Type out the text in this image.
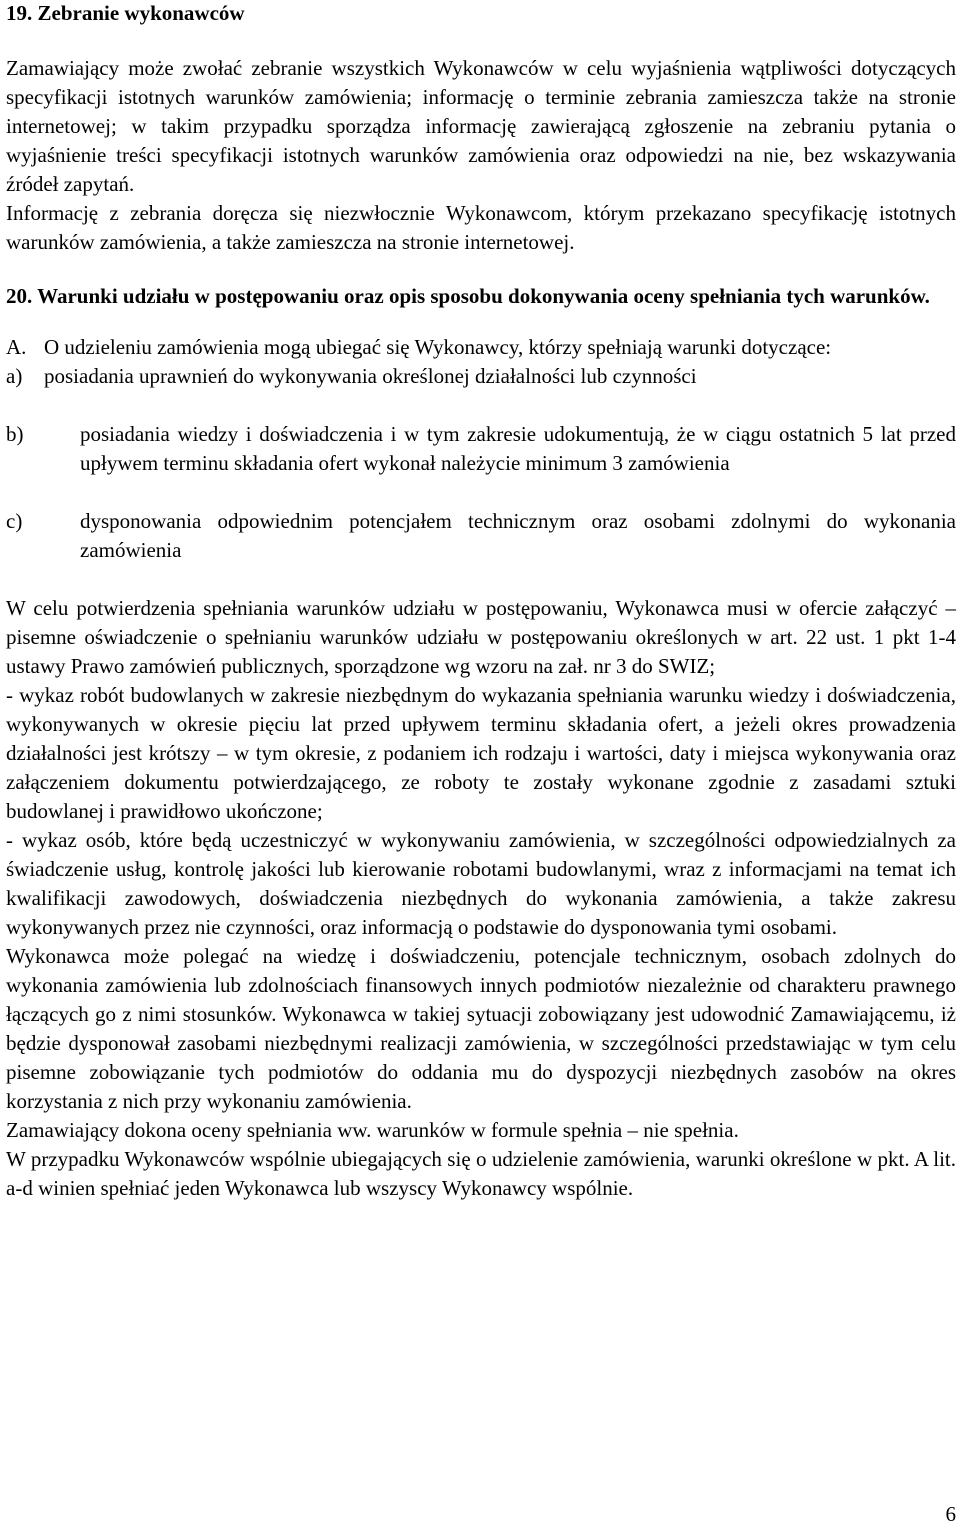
19. Zebranie wykonawców

Zamawiający może zwołać zebranie wszystkich Wykonawców w celu wyjaśnienia wątpliwości dotyczących specyfikacji istotnych warunków zamówienia; informację o terminie zebrania zamieszcza także na stronie internetowej; w takim przypadku sporządza informację zawierającą zgłoszenie na zebraniu pytania o wyjaśnienie treści specyfikacji istotnych warunków zamówienia oraz odpowiedzi na nie, bez wskazywania źródeł zapytań.

Informację z zebrania doręcza się niezwłocznie Wykonawcom, którym przekazano specyfikację istotnych warunków zamówienia, a także zamieszcza na stronie internetowej.

20. Warunki udziału w postępowaniu oraz opis sposobu dokonywania oceny spełniania tych warunków.
A. O udzieleniu zamówienia mogą ubiegać się Wykonawcy, którzy spełniają warunki dotyczące:
a)	posiadania uprawnień do wykonywania określonej działalności lub czynności
b)	posiadania wiedzy i doświadczenia i w tym zakresie udokumentują, że w ciągu ostatnich 5 lat przed upływem terminu składania ofert wykonał należycie minimum 3 zamówienia
c)	dysponowania odpowiednim potencjałem technicznym oraz osobami zdolnymi do wykonania zamówienia

W celu potwierdzenia spełniania warunków udziału w postępowaniu, Wykonawca musi w ofercie załączyć – pisemne oświadczenie o spełnianiu warunków udziału w postępowaniu określonych w art. 22 ust. 1 pkt 1-4 ustawy Prawo zamówień publicznych, sporządzone wg wzoru na zał. nr 3 do SWIZ;

- wykaz robót budowlanych w zakresie niezbędnym do wykazania spełniania warunku wiedzy i doświadczenia, wykonywanych w okresie pięciu lat przed upływem terminu składania ofert, a jeżeli okres prowadzenia działalności jest krótszy – w tym okresie, z podaniem ich rodzaju i wartości, daty i miejsca wykonywania oraz załączeniem dokumentu potwierdzającego, ze roboty te zostały wykonane zgodnie z zasadami sztuki budowlanej i prawidłowo ukończone;

- wykaz osób, które będą uczestniczyć w wykonywaniu zamówienia, w szczególności odpowiedzialnych za świadczenie usług, kontrolę jakości lub kierowanie robotami budowlanymi, wraz z informacjami na temat ich kwalifikacji zawodowych, doświadczenia niezbędnych do wykonania zamówienia, a także zakresu wykonywanych przez nie czynności, oraz informacją o podstawie do dysponowania tymi osobami.

Wykonawca może polegać na wiedzę i doświadczeniu, potencjale technicznym, osobach zdolnych do wykonania zamówienia lub zdolnościach finansowych innych podmiotów niezależnie od charakteru prawnego łączących go z nimi stosunków. Wykonawca w takiej sytuacji zobowiązany jest udowodnić Zamawiającemu, iż będzie dysponował zasobami niezbędnymi realizacji zamówienia, w szczególności przedstawiając w tym celu pisemne zobowiązanie tych podmiotów do oddania mu do dyspozycji niezbędnych zasobów na okres korzystania z nich przy wykonaniu zamówienia.

Zamawiający dokona oceny spełniania ww. warunków w formule spełnia – nie spełnia.

W przypadku Wykonawców wspólnie ubiegających się o udzielenie zamówienia, warunki określone w pkt. A lit. a-d winien spełniać jeden Wykonawca lub wszyscy Wykonawcy wspólnie.

6
